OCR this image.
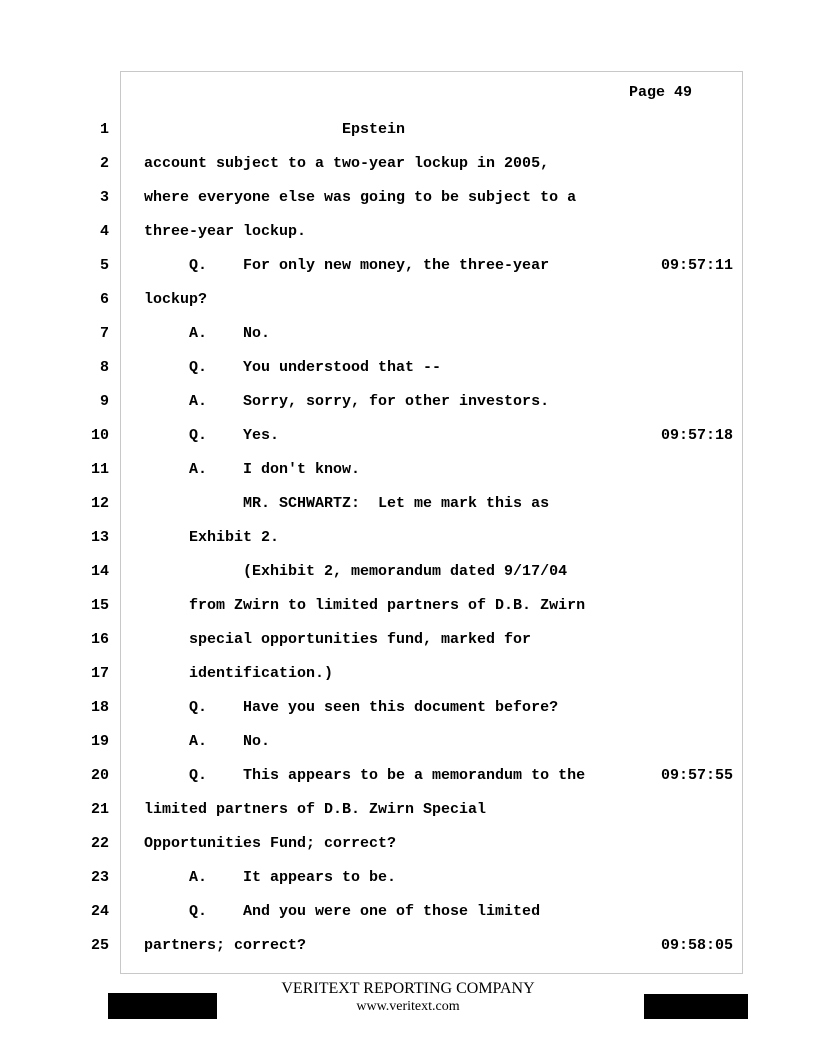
Page 49
1 Epstein
2 account subject to a two-year lockup in 2005,
3 where everyone else was going to be subject to a
4 three-year lockup.
5 Q.    For only new money, the three-year	09:57:11
6 lockup?
7 A.    No.
8 Q.    You understood that --
9 A.    Sorry, sorry, for other investors.
10 Q.    Yes.	09:57:18
11 A.    I don't know.
12 MR. SCHWARTZ:  Let me mark this as
13 Exhibit 2.
14 (Exhibit 2, memorandum dated 9/17/04
15 from Zwirn to limited partners of D.B. Zwirn
16 special opportunities fund, marked for
17 identification.)
18 Q.    Have you seen this document before?
19 A.    No.
20 Q.    This appears to be a memorandum to the	09:57:55
21 limited partners of D.B. Zwirn Special
22 Opportunities Fund; correct?
23 A.    It appears to be.
24 Q.    And you were one of those limited
25 partners; correct?	09:58:05
VERITEXT REPORTING COMPANY
www.veritext.com
